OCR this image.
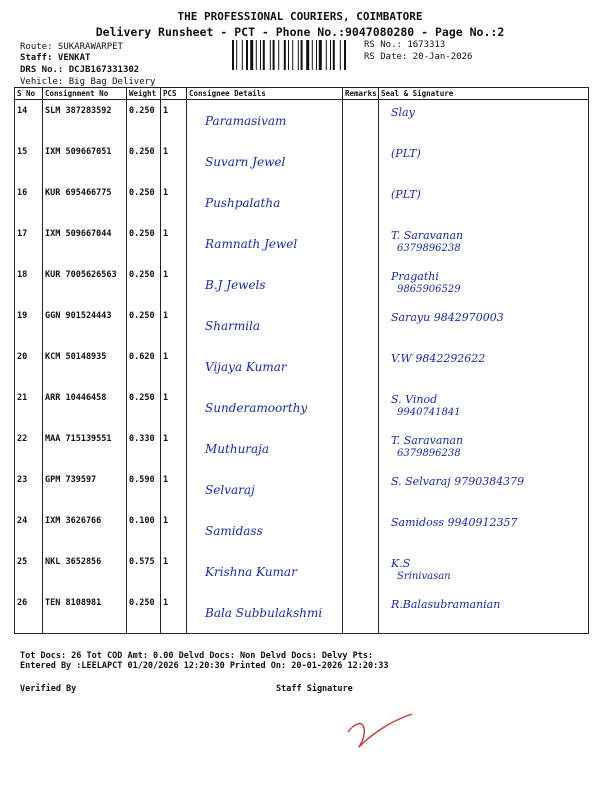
THE PROFESSIONAL COURIERS, COIMBATORE
Delivery Runsheet - PCT - Phone No.:9047080280 - Page No.:2
Route: SUKARAWARPET
Staff: VENKAT
DRS No.: DCJB167331302
Vehicle: Big Bag Delivery
RS No.: 1673313
RS Date: 20-Jan-2026
S No	Consignment No	Weight	PCS	Consignee Details	Remarks	Seal & Signature
14	SLM 387283592	0.250	1	Paramasivam		Slay

15	IXM 509667051	0.250	1	Suvarn Jewel		(PLT)

16	KUR 695466775	0.250	1	Pushpalatha		(PLT)

17	IXM 509667044	0.250	1	Ramnath Jewel		T. Saravanan
6379896238

18	KUR 7005626563	0.250	1	B.J Jewels		Pragathi
9865906529

19	GGN 901524443	0.250	1	Sharmila		Sarayu 9842970003

20	KCM 50148935	0.620	1	Vijaya Kumar		V.W 9842292622

21	ARR 10446458	0.250	1	Sunderamoorthy		S. Vinod
9940741841

22	MAA 715139551	0.330	1	Muthuraja		T. Saravanan
6379896238

23	GPM 739597	0.590	1	Selvaraj		S. Selvaraj 9790384379

24	IXM 3626766	0.100	1	Samidass		Samidoss 9940912357

25	NKL 3652856	0.575	1	Krishna Kumar		K.S
Srinivasan

26	TEN 8108981	0.250	1	Bala Subbulakshmi		R.Balasubramanian
Tot Docs: 26 Tot COD Amt: 0.00 Delvd Docs: Non Delvd Docs: Delvy Pts:
Entered By :LEELAPCT 01/20/2026 12:20:30 Printed On: 20-01-2026 12:20:33
Verified By	Staff Signature
